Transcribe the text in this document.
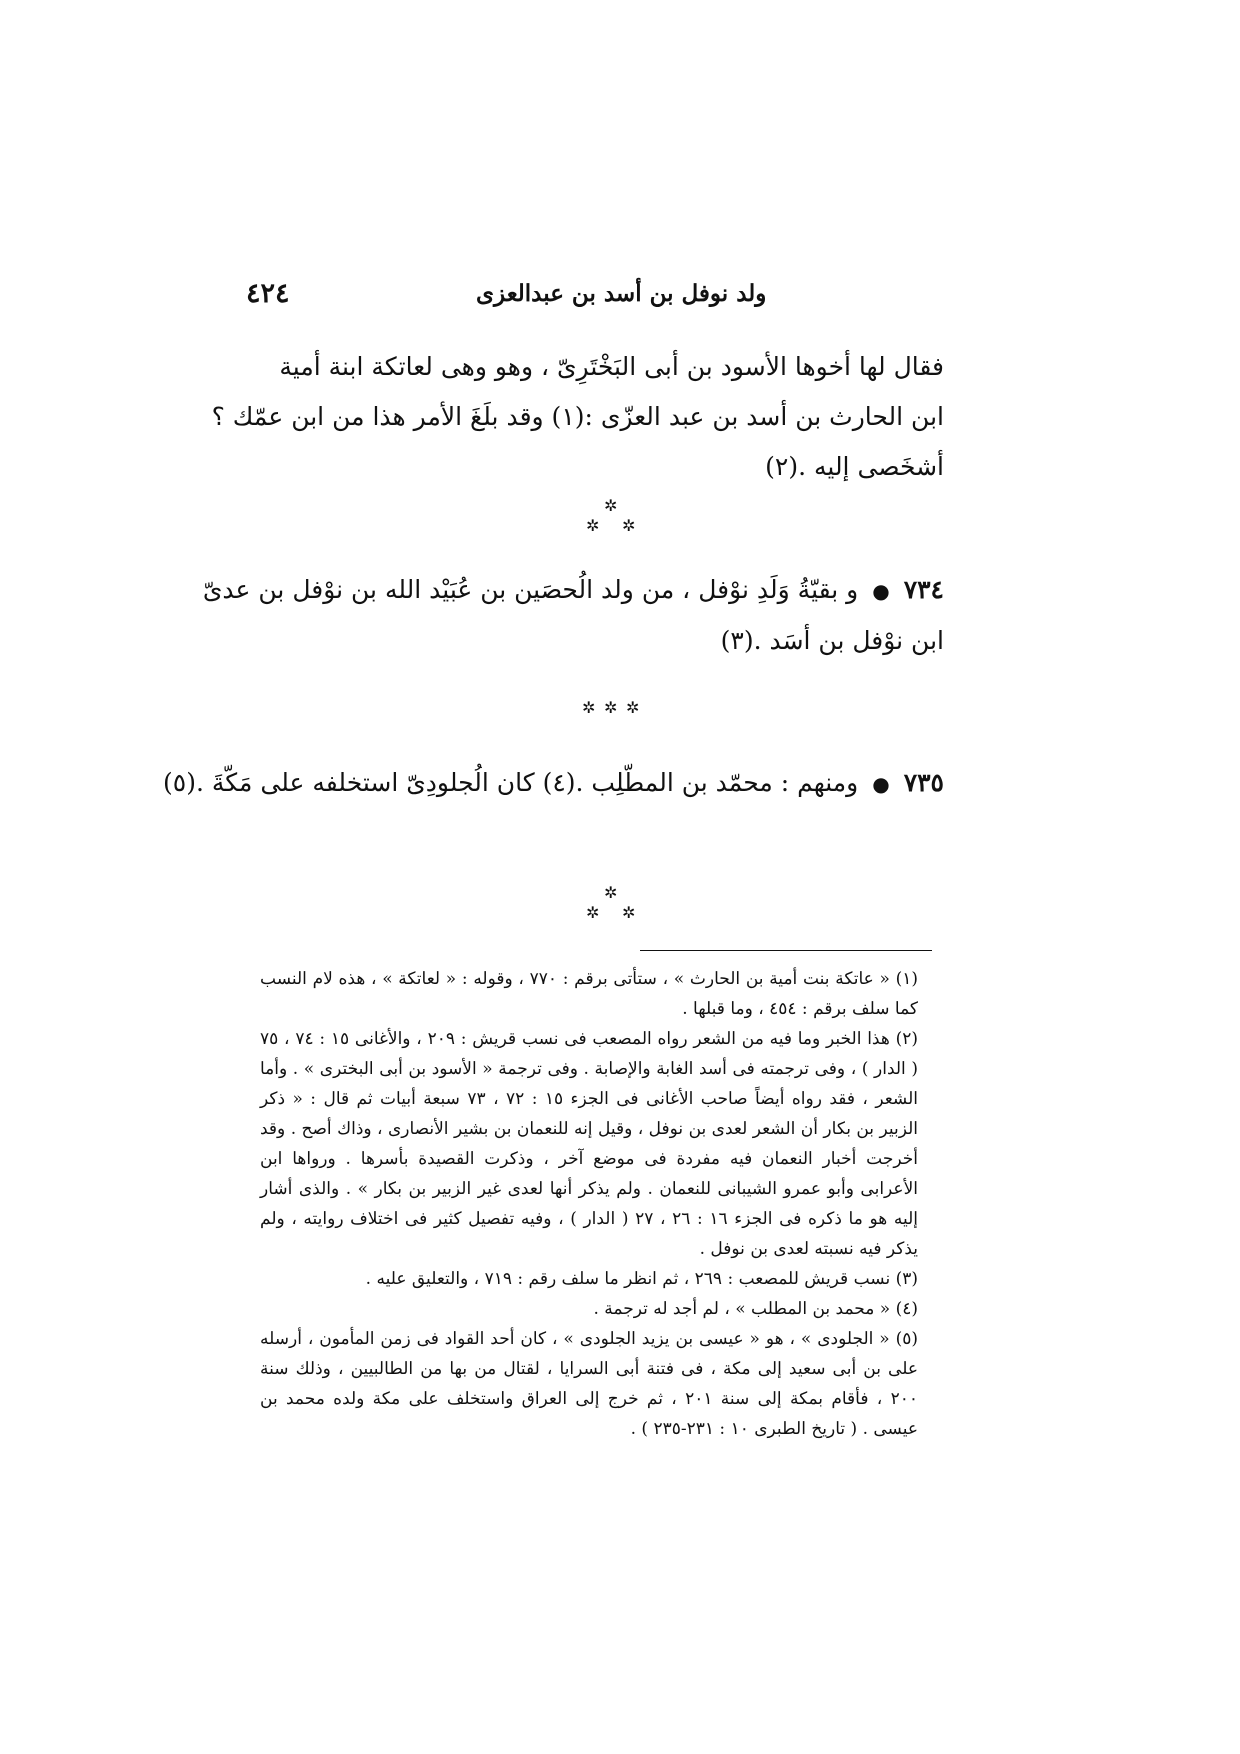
٤٢٤	ولد نوفل بن أسد بن عبدالعزى
فقال لها أخوها الأسود بن أبى البَخْتَرِىّ ، وهو وهى لعاتكة ابنة أمية
ابن الحارث بن أسد بن عبد العزّى :(١) وقد بلَغَ الأمر هذا من ابن عمّك ؟
أشخَصى إليه .(٢)
✲
✲ ✲
٧٣٤●و بقيّةُ وَلَدِ نوْفل ، من ولد الُحصَين بن عُبَيْد الله بن نوْفل بن عدىّ
ابن نوْفل بن أسَد .(٣)
✲ ✲ ✲
٧٣٥●ومنهم : محمّد بن المطّلِب .(٤) كان الُجلودِىّ استخلفه على مَكّةَ .(٥)
✲
✲ ✲
(١) « عاتكة بنت أمية بن الحارث » ، ستأتى برقم : ٧٧٠ ، وقوله : « لعاتكة » ، هذه لام النسب كما سلف برقم : ٤٥٤ ، وما قبلها .
(٢) هذا الخبر وما فيه من الشعر رواه المصعب فى نسب قريش : ٢٠٩ ، والأغانى ١٥ : ٧٤ ، ٧٥ ( الدار ) ، وفى ترجمته فى أسد الغابة والإصابة . وفى ترجمة « الأسود بن أبى البخترى » . وأما الشعر ، فقد رواه أيضاً صاحب الأغانى فى الجزء ١٥ : ٧٢ ، ٧٣ سبعة أبيات ثم قال : « ذكر الزبير بن بكار أن الشعر لعدى بن نوفل ، وقيل إنه للنعمان بن بشير الأنصارى ، وذاك أصح . وقد أخرجت أخبار النعمان فيه مفردة فى موضع آخر ، وذكرت القصيدة بأسرها . ورواها ابن الأعرابى وأبو عمرو الشيبانى للنعمان . ولم يذكر أنها لعدى غير الزبير بن بكار » . والذى أشار إليه هو ما ذكره فى الجزء ١٦ : ٢٦ ، ٢٧ ( الدار ) ، وفيه تفصيل كثير فى اختلاف روايته ، ولم يذكر فيه نسبته لعدى بن نوفل .
(٣) نسب قريش للمصعب : ٢٦٩ ، ثم انظر ما سلف رقم : ٧١٩ ، والتعليق عليه .
(٤) « محمد بن المطلب » ، لم أجد له ترجمة .
(٥) « الجلودى » ، هو « عيسى بن يزيد الجلودى » ، كان أحد القواد فى زمن المأمون ، أرسله على بن أبى سعيد إلى مكة ، فى فتنة أبى السرايا ، لقتال من بها من الطالبيين ، وذلك سنة ٢٠٠ ، فأقام بمكة إلى سنة ٢٠١ ، ثم خرج إلى العراق واستخلف على مكة ولده محمد بن عيسى . ( تاريخ الطبرى ١٠ : ٢٣١-٢٣٥ ) .
